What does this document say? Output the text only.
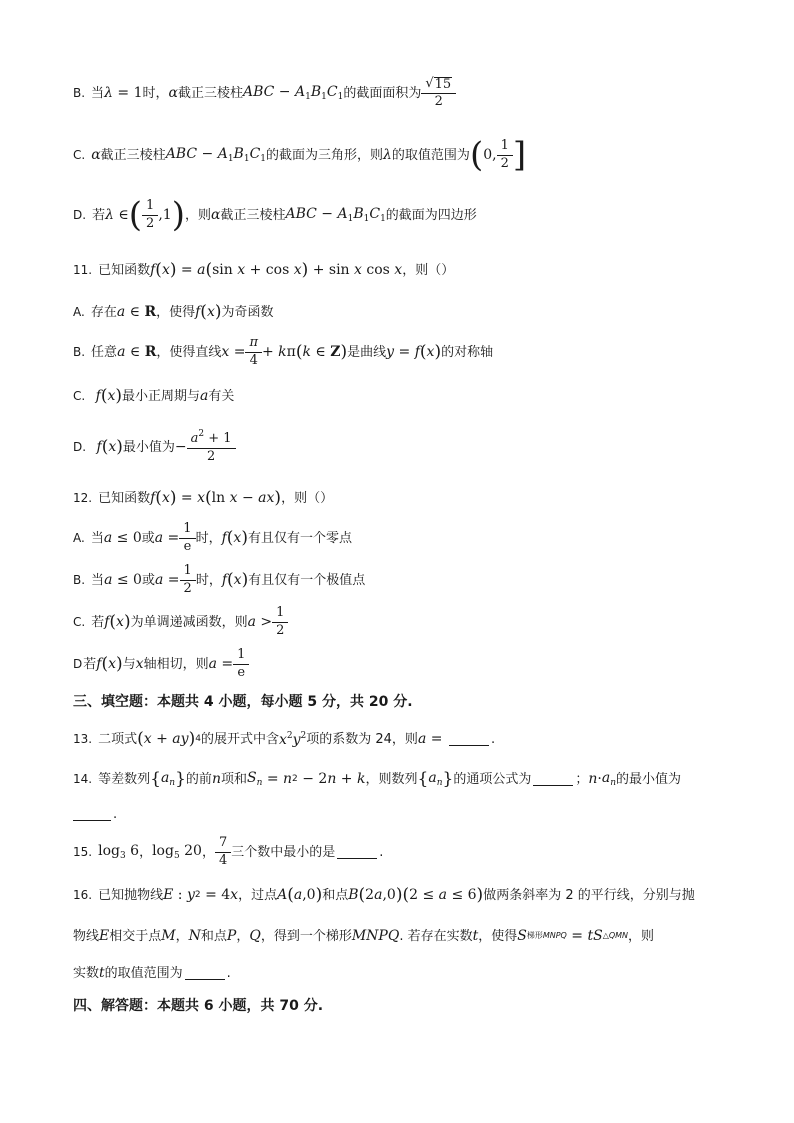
B. 当 λ = 1 时， α 截正三棱柱 ABC − $A_1B_1C_1$ 的截面面积为 $\frac{√ 15}{2}$
C. α 截正三棱柱 ABC − $A_1B_1C_1$ 的截面为三角形，则 λ 的取值范围为 ( 0, $\frac{1}{2}$ ]
D. 若 λ ∈ ( $\frac{1}{2} ,1$ ) ，则 α 截正三棱柱 ABC − $A_1B_1C_1$ 的截面为四边形
11. 已知函数 f ( x ) = a ( sin x + cos x ) + sin x cos x ，则（）
A. 存在 a ∈ R ，使得 f ( x ) 为奇函数
B. 任意 a ∈ R ，使得直线 $x = \frac{\pi}{4} + k$ π ( k ∈ Z ) 是曲线 y = f ( x ) 的对称轴
C. f ( x ) 最小正周期与 a 有关
D. f ( x ) 最小值为 − $\frac{a^2 + 1}{2}$
12. 已知函数 f ( x ) = x ( ln x − ax ) ，则（）
A. 当 a ≤ 0 或 $a = \frac{1}{e}$ 时， f ( x ) 有且仅有一个零点
B. 当 a ≤ 0 或 $a = \frac{1}{2}$ 时， f ( x ) 有且仅有一个极值点
C. 若 f ( x ) 为单调递减函数，则 $a > \frac{1}{2}$
D 若 f ( x ) 与 x 轴相切，则 $a = \frac{1}{e}$
三、填空题：本题共 4 小题，每小题 5 分，共 20 分.
13. 二项式 ( x + ay ) 4 的展开式中含 $x^2y^2$ 项的系数为 24，则 a =	.
14. 等差数列 { $a_n$ } 的前 n 项和 $S_n = n$ 2 − 2 n + k ，则数列 { $a_n$ } 的通项公式为	； $n \cdot a_n$ 的最小值为
.
15. $\log_3 6$ ， $\log_5 20$ ， $\frac{7}{4}$ 三个数中最小的是	.
16. 已知抛物线 E : y 2 = 4 x ，过点 A ( a ,0 ) 和点 B ( 2 a ,0 ) ( 2 ≤ a ≤ 6 ) 做两条斜率为 2 的平行线，分别与抛
物线 E 相交于点 M ， N 和点 P ， Q ，得到一个梯形 MNPQ . 若存在实数 t ，使得 S 梯形MNPQ = tS △QMN ，则
实数 t 的取值范围为	.
四、解答题：本题共 6 小题，共 70 分.
